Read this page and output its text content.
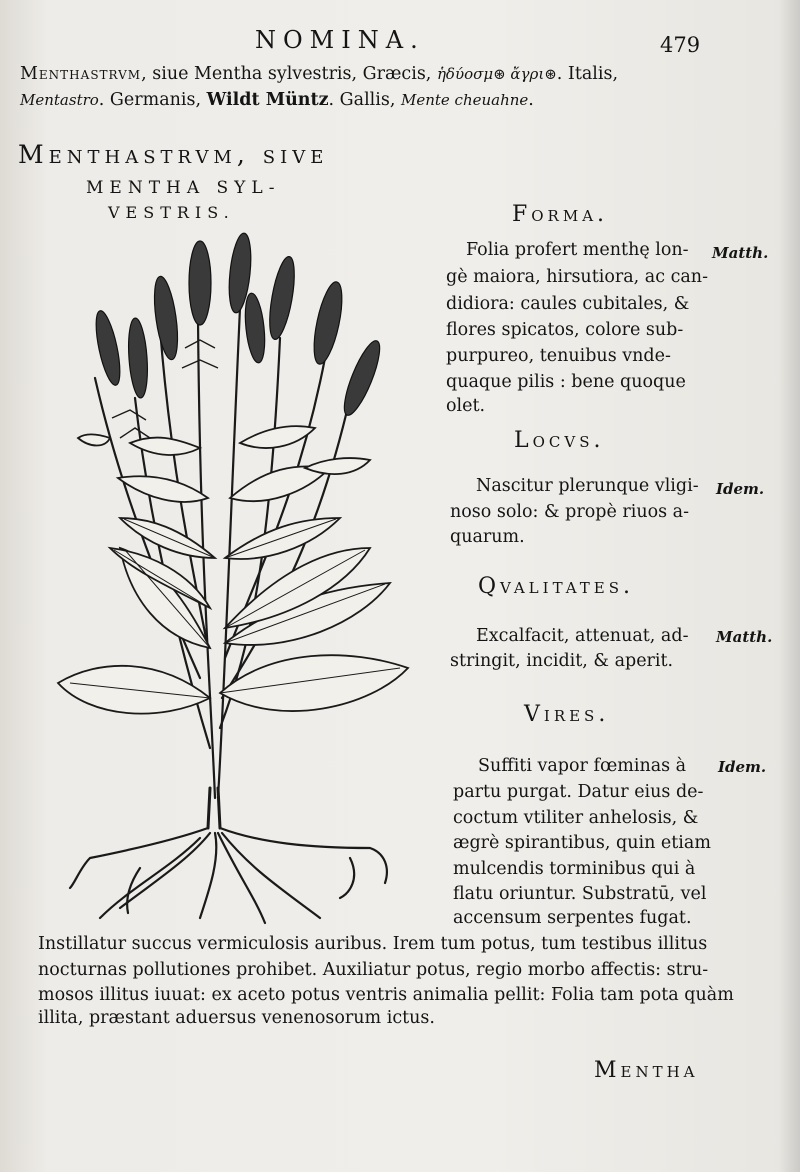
NOMINA.	479
Menthastrvm, siue Mentha sylvestris, Græcis, ἡδύοσμ⊛ ἄγρι⊛. Italis,
Mentastro. Germanis, Wildt Müntz. Gallis, Mente cheuahne.
Menthastrvm, sive
MENTHA SYL-
VESTRIS.	Forma.
Folia profert menthę lon-
gè maiora, hirsutiora, ac can-
didiora: caules cubitales, &
flores spicatos, colore sub-
purpureo, tenuibus vnde-
quaque pilis : bene quoque
olet.
Matth.
Locvs.
Nascitur plerunque vligi-
noso solo: & propè riuos a-
quarum.
Idem.
Qvalitates.
Excalfacit, attenuat, ad-
stringit, incidit, & aperit.
Matth.
Vires.
Suffiti vapor fœminas à
partu purgat. Datur eius de-
coctum vtiliter anhelosis, &
ægrè spirantibus, quin etiam
mulcendis torminibus qui à
flatu oriuntur. Substratū, vel
accensum serpentes fugat.
Idem.
Instillatur succus vermiculosis auribus. Irem tum potus, tum testibus illitus
nocturnas pollutiones prohibet. Auxiliatur potus, regio morbo affectis: stru-
mosos illitus iuuat: ex aceto potus ventris animalia pellit: Folia tam pota quàm
illita, præstant aduersus venenosorum ictus.
Mentha
